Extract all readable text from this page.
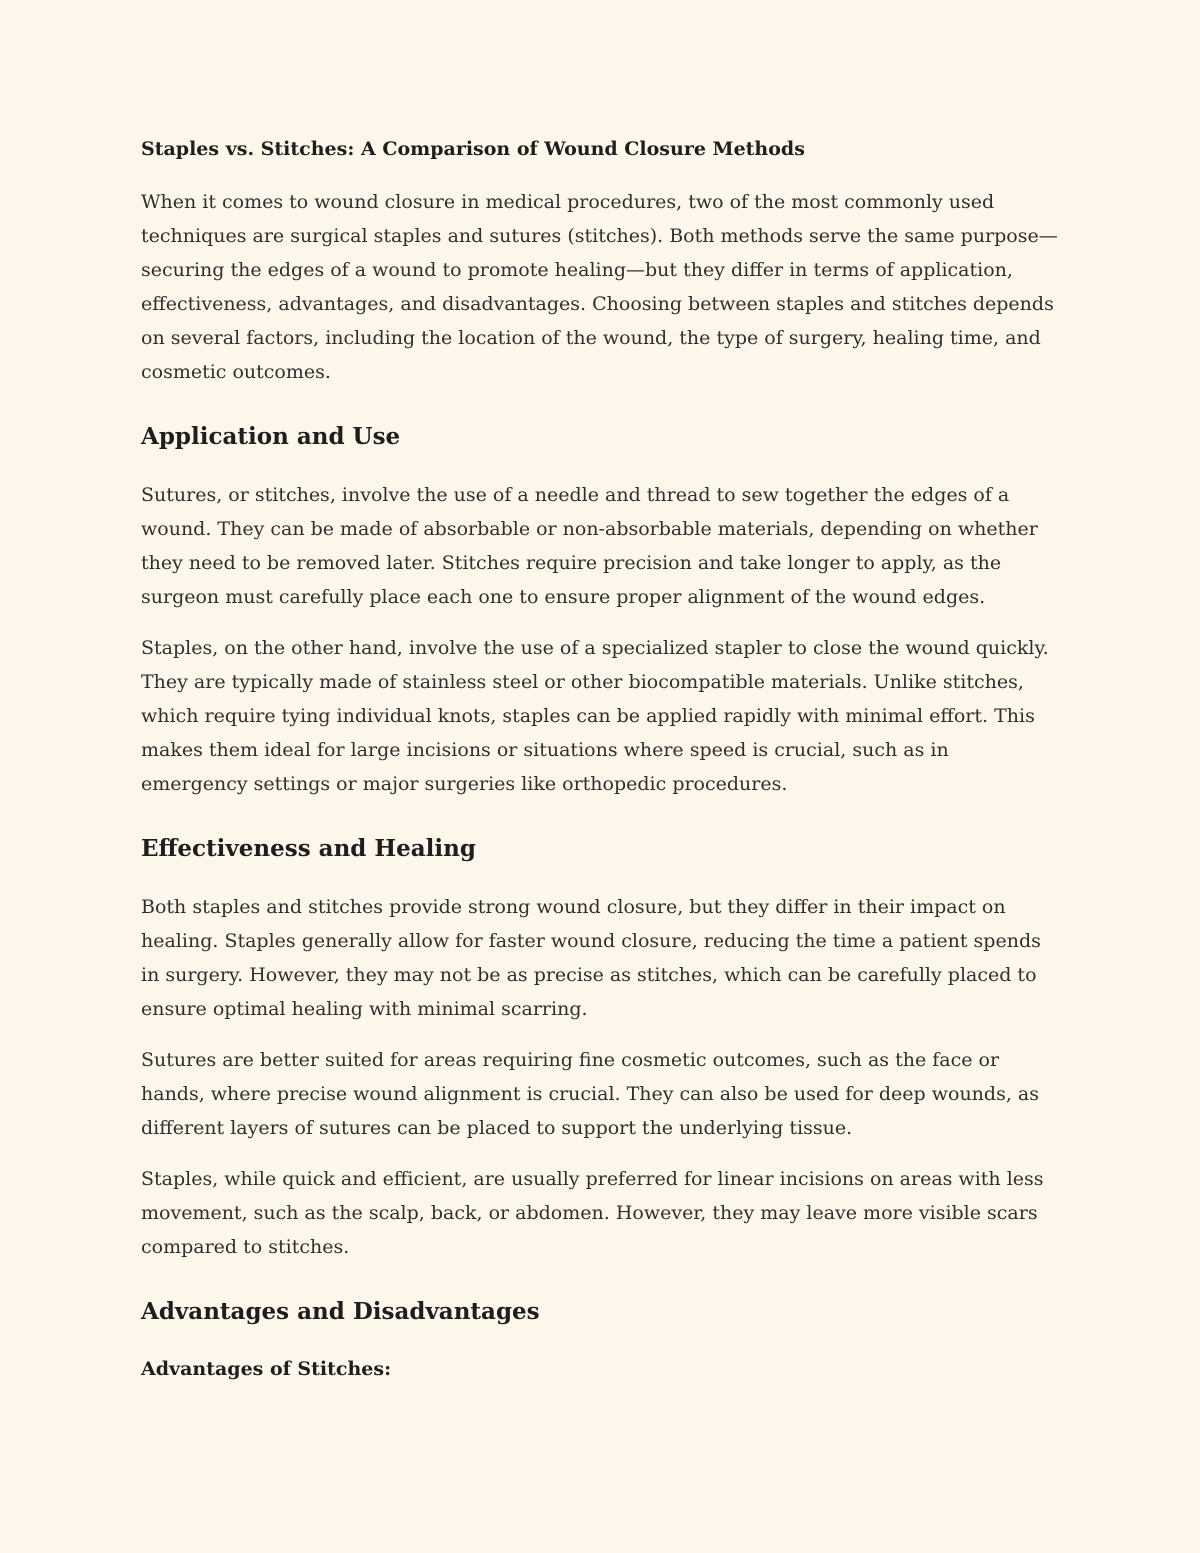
Staples vs. Stitches: A Comparison of Wound Closure Methods

When it comes to wound closure in medical procedures, two of the most commonly used techniques are surgical staples and sutures (stitches). Both methods serve the same purpose—securing the edges of a wound to promote healing—but they differ in terms of application, effectiveness, advantages, and disadvantages. Choosing between staples and stitches depends on several factors, including the location of the wound, the type of surgery, healing time, and cosmetic outcomes.

Application and Use

Sutures, or stitches, involve the use of a needle and thread to sew together the edges of a wound. They can be made of absorbable or non-absorbable materials, depending on whether they need to be removed later. Stitches require precision and take longer to apply, as the surgeon must carefully place each one to ensure proper alignment of the wound edges.

Staples, on the other hand, involve the use of a specialized stapler to close the wound quickly. They are typically made of stainless steel or other biocompatible materials. Unlike stitches, which require tying individual knots, staples can be applied rapidly with minimal effort. This makes them ideal for large incisions or situations where speed is crucial, such as in emergency settings or major surgeries like orthopedic procedures.

Effectiveness and Healing

Both staples and stitches provide strong wound closure, but they differ in their impact on healing. Staples generally allow for faster wound closure, reducing the time a patient spends in surgery. However, they may not be as precise as stitches, which can be carefully placed to ensure optimal healing with minimal scarring.

Sutures are better suited for areas requiring fine cosmetic outcomes, such as the face or hands, where precise wound alignment is crucial. They can also be used for deep wounds, as different layers of sutures can be placed to support the underlying tissue.

Staples, while quick and efficient, are usually preferred for linear incisions on areas with less movement, such as the scalp, back, or abdomen. However, they may leave more visible scars compared to stitches.

Advantages and Disadvantages
Advantages of Stitches:
